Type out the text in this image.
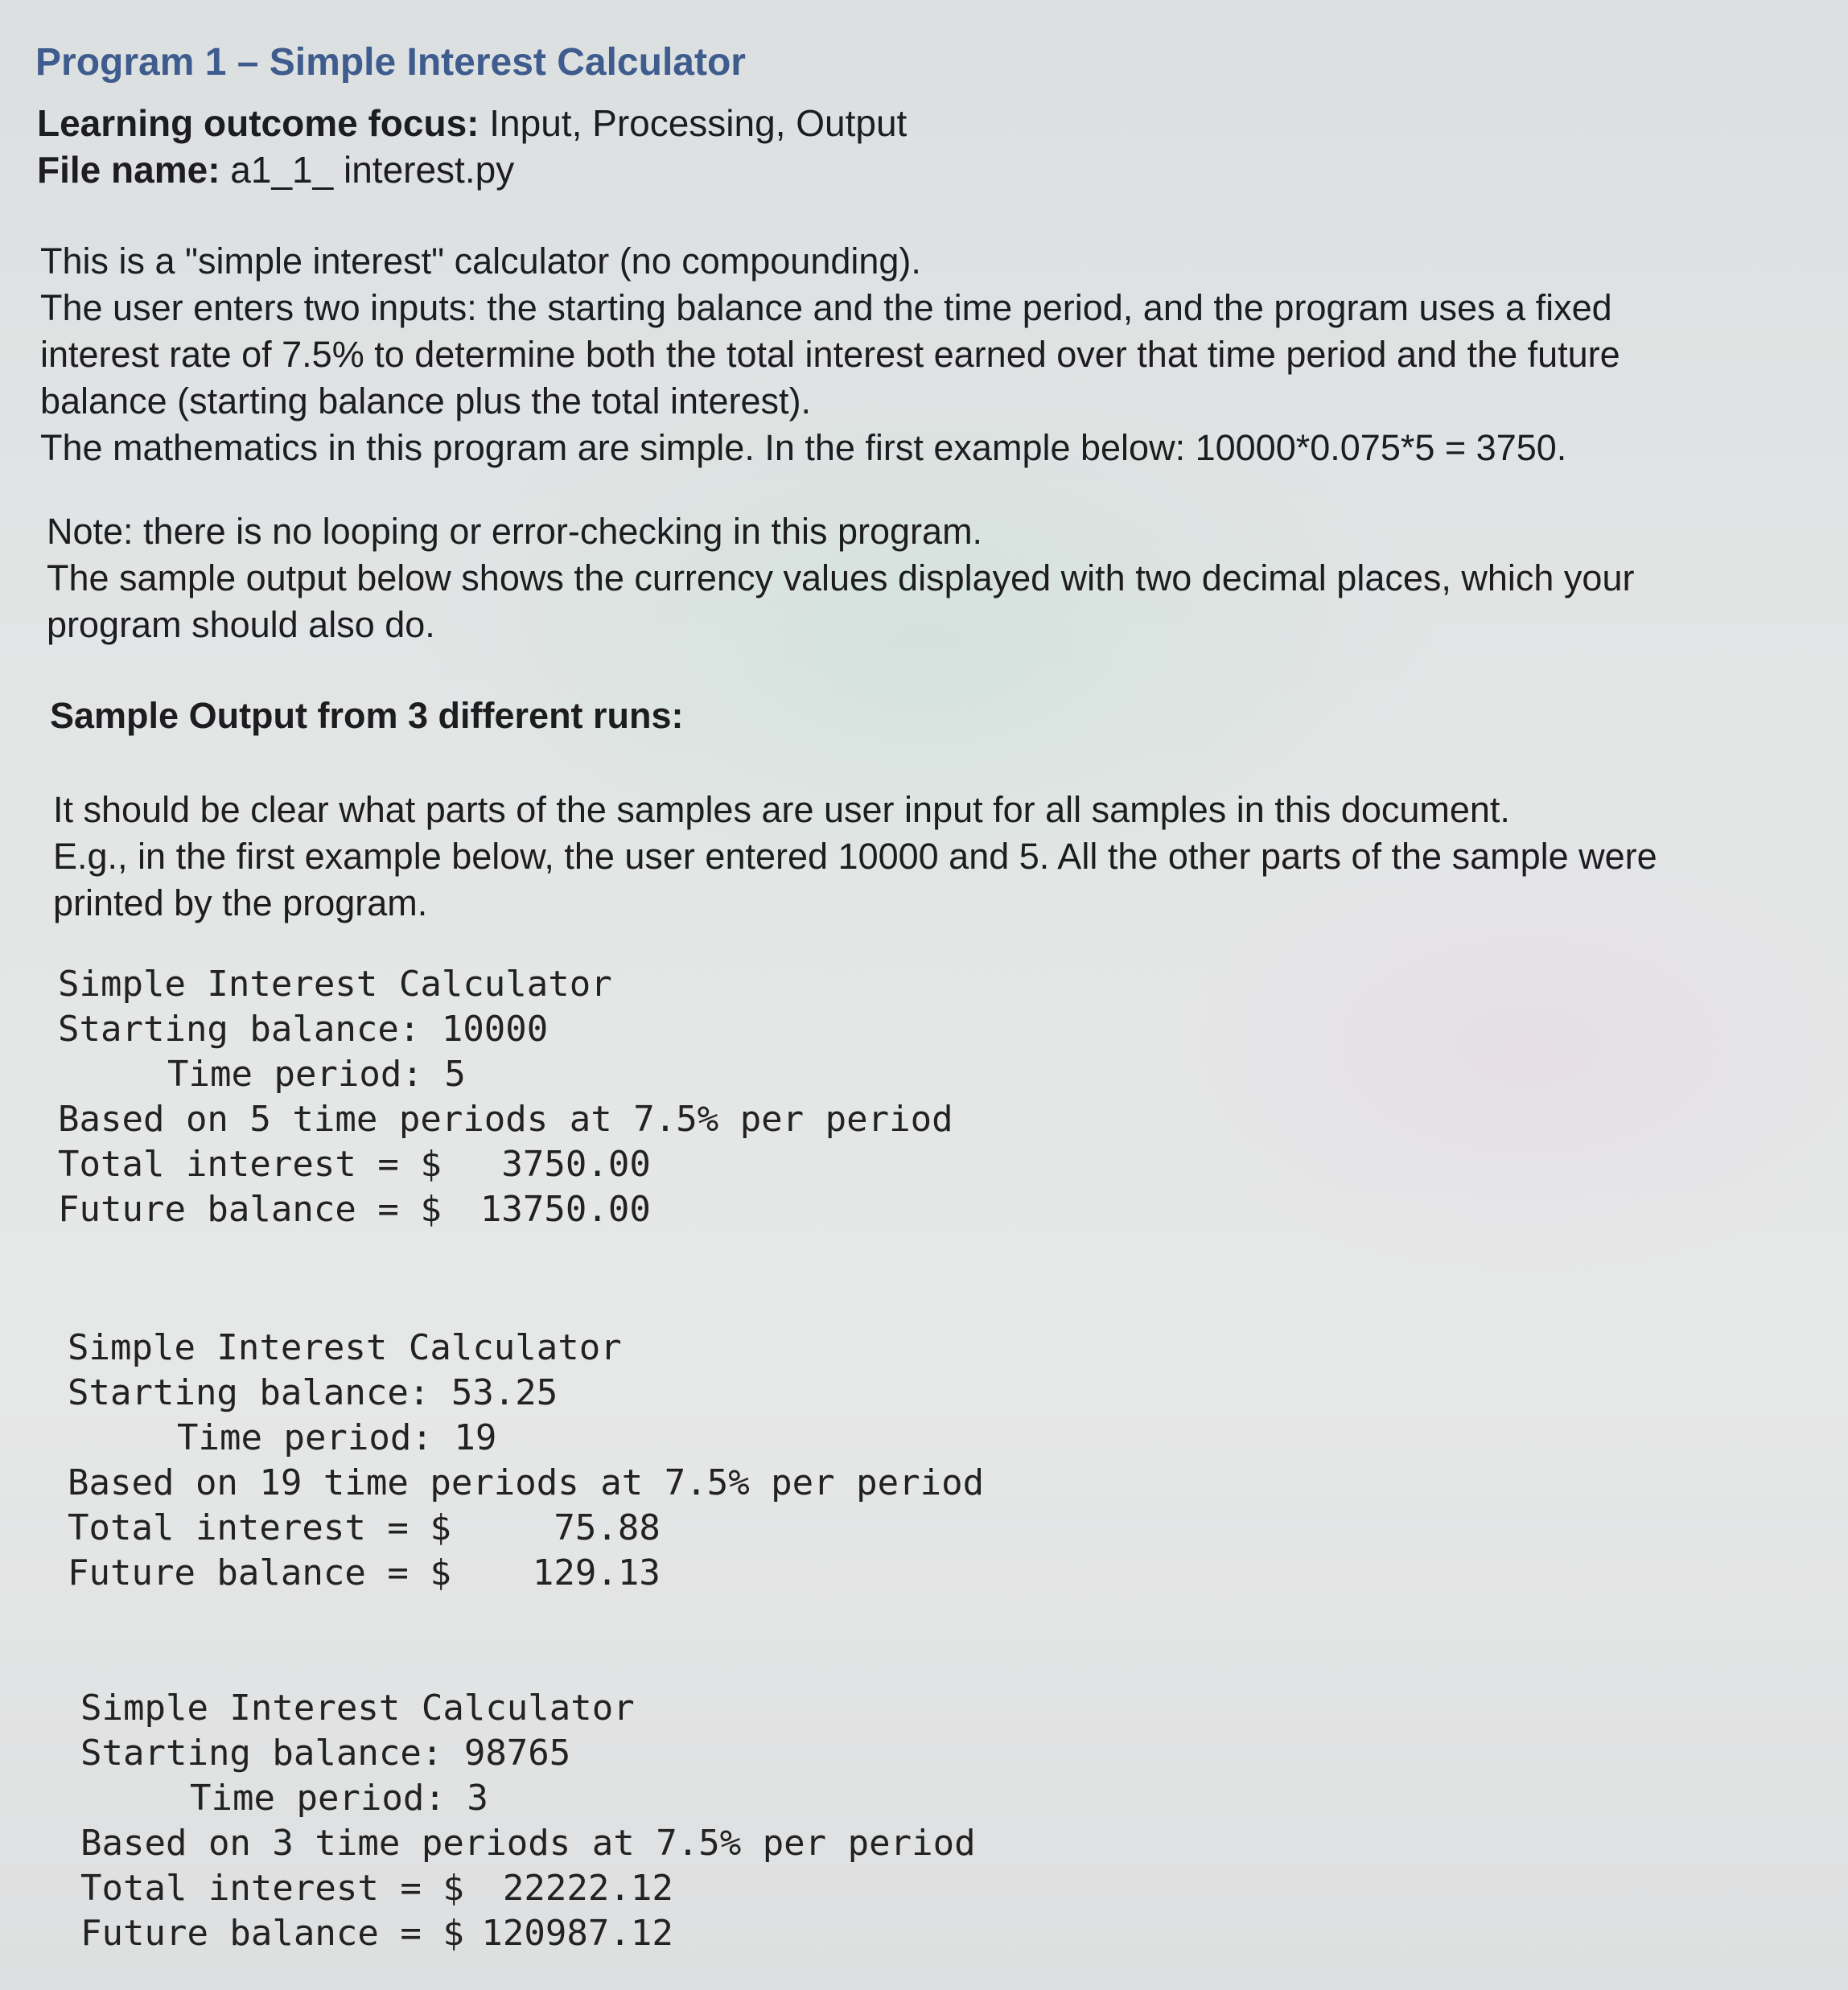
Program 1 – Simple Interest Calculator
Learning outcome focus: Input, Processing, Output
File name: a1_1_ interest.py
This is a "simple interest" calculator (no compounding).
The user enters two inputs: the starting balance and the time period, and the program uses a fixed
interest rate of 7.5% to determine both the total interest earned over that time period and the future
balance (starting balance plus the total interest).
The mathematics in this program are simple. In the first example below: 10000*0.075*5 = 3750.
Note: there is no looping or error-checking in this program.
The sample output below shows the currency values displayed with two decimal places, which your
program should also do.
Sample Output from 3 different runs:
It should be clear what parts of the samples are user input for all samples in this document.
E.g., in the first example below, the user entered 10000 and 5. All the other parts of the sample were
printed by the program.
Simple Interest Calculator
Starting balance: 10000
Time period: 5
Based on 5 time periods at 7.5% per period
Total interest = $ 3750.00
Future balance = $ 13750.00
Simple Interest Calculator
Starting balance: 53.25
Time period: 19
Based on 19 time periods at 7.5% per period
Total interest = $	75.88
Future balance = $ 129.13
Simple Interest Calculator
Starting balance: 98765
Time period: 3
Based on 3 time periods at 7.5% per period
Total interest = $ 22222.12
Future balance = $ 120987.12
